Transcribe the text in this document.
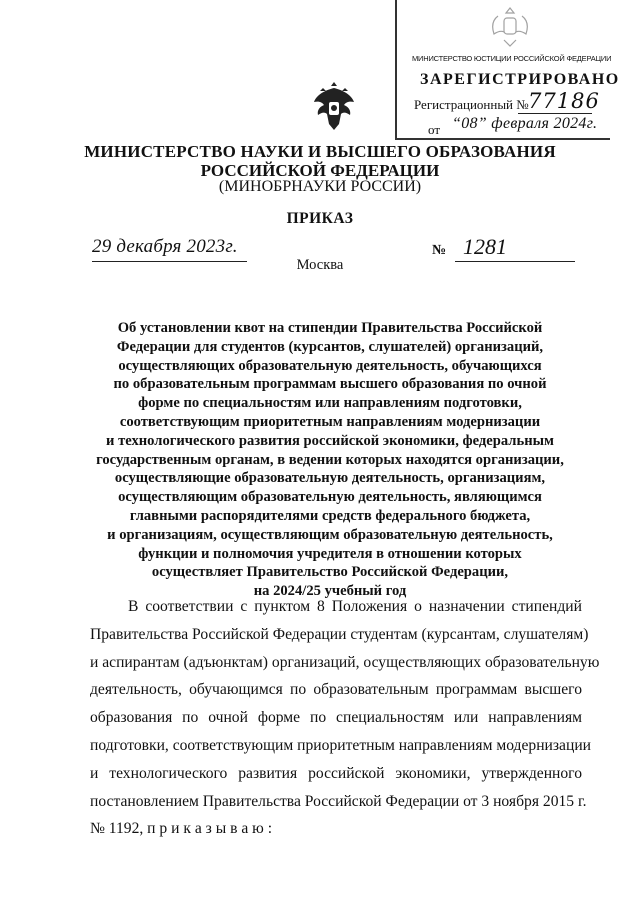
МИНИСТЕРСТВО ЮСТИЦИИ РОССИЙСКОЙ ФЕДЕРАЦИИ
ЗАРЕГИСТРИРОВАНО
Регистрационный № 77186
от “08” февраля 2024г.
МИНИСТЕРСТВО НАУКИ И ВЫСШЕГО ОБРАЗОВАНИЯ
РОССИЙСКОЙ ФЕДЕРАЦИИ
(МИНОБРНАУКИ РОССИИ)
ПРИКАЗ
29 декабря 2023г.	№ 1281
Москва
Об установлении квот на стипендии Правительства Российской
Федерации для студентов (курсантов, слушателей) организаций,
осуществляющих образовательную деятельность, обучающихся
по образовательным программам высшего образования по очной
форме по специальностям или направлениям подготовки,
соответствующим приоритетным направлениям модернизации
и технологического развития российской экономики, федеральным
государственным органам, в ведении которых находятся организации,
осуществляющие образовательную деятельность, организациям,
осуществляющим образовательную деятельность, являющимся
главными распорядителями средств федерального бюджета,
и организациям, осуществляющим образовательную деятельность,
функции и полномочия учредителя в отношении которых
осуществляет Правительство Российской Федерации,
на 2024/25 учебный год
В соответствии с пунктом 8 Положения о назначении стипендий
Правительства Российской Федерации студентам (курсантам, слушателям)
и аспирантам (адъюнктам) организаций, осуществляющих образовательную
деятельность, обучающимся по образовательным программам высшего
образования по очной форме по специальностям или направлениям
подготовки, соответствующим приоритетным направлениям модернизации
и технологического развития российской экономики, утвержденного
постановлением Правительства Российской Федерации от 3 ноября 2015 г.
№ 1192, п р и к а з ы в а ю :
